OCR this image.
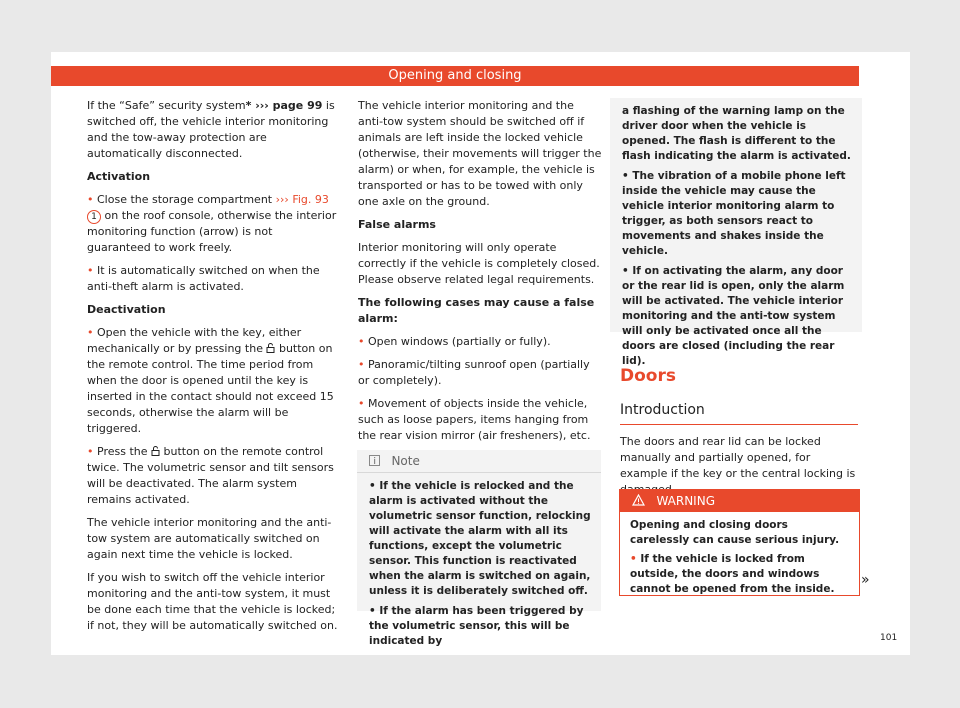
Opening and closing

If the “Safe” security system* ››› page 99 is switched off, the vehicle interior monitoring and the tow-away protection are automatically disconnected.

Activation

• Close the storage compartment ››› Fig. 93 1 on the roof console, otherwise the interior monitoring function (arrow) is not guaranteed to work freely.

• It is automatically switched on when the anti-theft alarm is activated.

Deactivation

• Open the vehicle with the key, either mechanically or by pressing the  button on the remote control. The time period from when the door is opened until the key is inserted in the contact should not exceed 15 seconds, otherwise the alarm will be triggered.

• Press the  button on the remote control twice. The volumetric sensor and tilt sensors will be deactivated. The alarm system remains activated.

The vehicle interior monitoring and the anti-tow system are automatically switched on again next time the vehicle is locked.

If you wish to switch off the vehicle interior monitoring and the anti-tow system, it must be done each time that the vehicle is locked; if not, they will be automatically switched on.

The vehicle interior monitoring and the anti-tow system should be switched off if animals are left inside the locked vehicle (otherwise, their movements will trigger the alarm) or when, for example, the vehicle is transported or has to be towed with only one axle on the ground.

False alarms

Interior monitoring will only operate correctly if the vehicle is completely closed. Please observe related legal requirements.

The following cases may cause a false alarm:

• Open windows (partially or fully).

• Panoramic/tilting sunroof open (partially or completely).

• Movement of objects inside the vehicle, such as loose papers, items hanging from the rear vision mirror (air fresheners), etc.

Note

• If the vehicle is relocked and the alarm is activated without the volumetric sensor function, relocking will activate the alarm with all its functions, except the volumetric sensor. This function is reactivated when the alarm is switched on again, unless it is deliberately switched off.

• If the alarm has been triggered by the volumetric sensor, this will be indicated by

a flashing of the warning lamp on the driver door when the vehicle is opened. The flash is different to the flash indicating the alarm is activated.

• The vibration of a mobile phone left inside the vehicle may cause the vehicle interior monitoring alarm to trigger, as both sensors react to movements and shakes inside the vehicle.

• If on activating the alarm, any door or the rear lid is open, only the alarm will be activated. The vehicle interior monitoring and the anti-tow system will only be activated once all the doors are closed (including the rear lid).

Doors
Introduction
The doors and rear lid can be locked manually and partially opened, for example if the key or the central locking is
WARNING

Opening and closing doors carelessly can cause serious injury.

• If the vehicle is locked from outside, the doors and windows cannot be opened from the inside.

»
101
